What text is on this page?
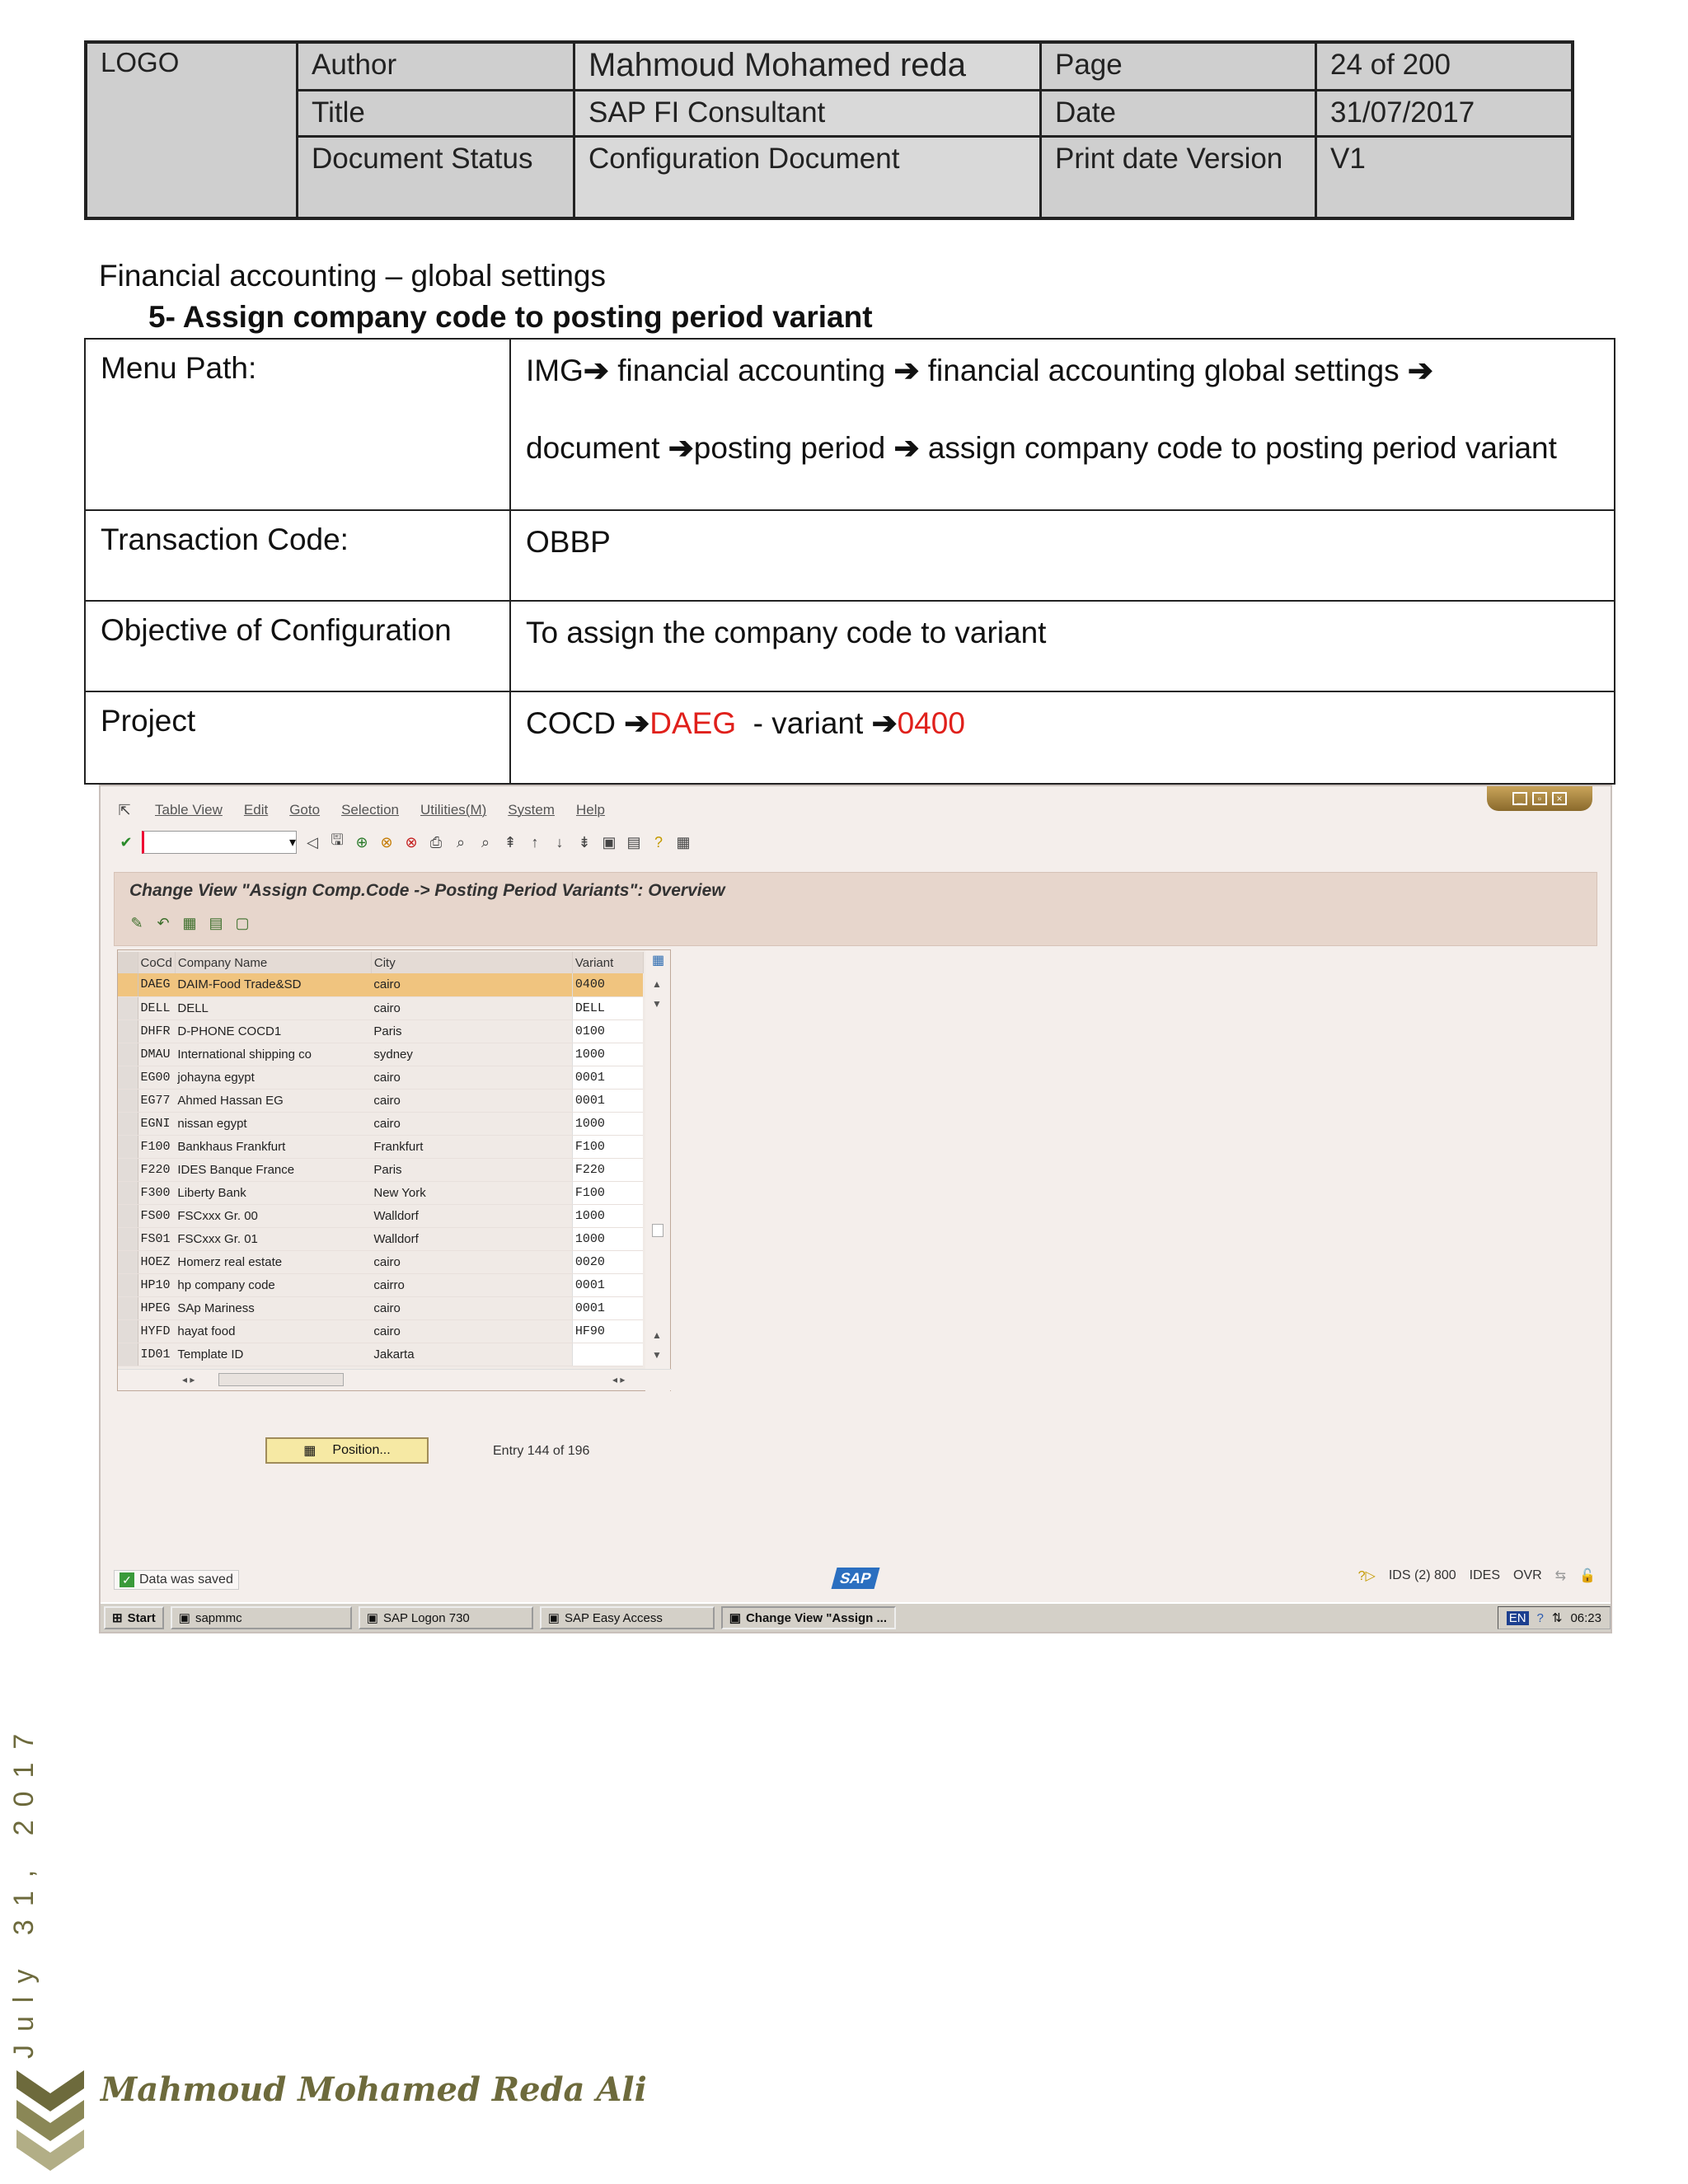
LOGO	Author	Mahmoud Mohamed reda	Page	24 of 200
Title	SAP FI Consultant	Date	31/07/2017
Document Status	Configuration Document	Print date Version	V1
Financial accounting – global settings
5- Assign company code to posting period variant
Menu Path:	IMG➔ financial accounting ➔ financial accounting global settings ➔
document ➔posting period ➔ assign company code to posting period variant
Transaction Code:	OBBP
Objective of Configuration	To assign the company code to variant
Project	COCD ➔DAEG - variant ➔0400
_	▫	×
⇱ Table View Edit Goto Selection Utilities(M) System Help
✔	▾ ◁ 🖫 ⊕ ⊗ ⊗ ⎙ ⌕	⌕ ⇞ ↑	↓ ⇟ ▣ ▤ ? ▦
Change View "Assign Comp.Code -> Posting Period Variants": Overview
✎ ↶ ▦ ▤ ▢
	CoCd	Company Name	City	Variant
	DAEG	DAIM-Food Trade&SD	cairo	0400
	DELL	DELL	cairo	DELL
	DHFR	D-PHONE COCD1	Paris	0100
	DMAU	International shipping co	sydney	1000
	EG00	johayna egypt	cairo	0001
	EG77	Ahmed Hassan EG	cairo	0001
	EGNI	nissan egypt	cairo	1000
	F100	Bankhaus Frankfurt	Frankfurt	F100
	F220	IDES Banque France	Paris	F220
	F300	Liberty Bank	New York	F100
	FS00	FSCxxx Gr. 00	Walldorf	1000
	FS01	FSCxxx Gr. 01	Walldorf	1000
	HOEZ	Homerz real estate	cairo	0020
	HP10	hp company code	cairro	0001
	HPEG	SAp Mariness	cairo	0001
	HYFD	hayat food	cairo	HF90
	ID01	Template ID	Jakarta	
▦
▲
▼
▲
▼
◂ ▸	◂ ▸
▦ Position...	Entry 144 of 196
✓ Data was saved	SAP	?▷ IDS (2) 800 IDES OVR ⇆ 🔓
⊞ Start ▣ sapmmc	▣ SAP Logon 730	▣ SAP Easy Access	▣ Change View "Assign ...	EN ? ⇅ 06:23
July 31, 2017
Mahmoud Mohamed Reda Ali
